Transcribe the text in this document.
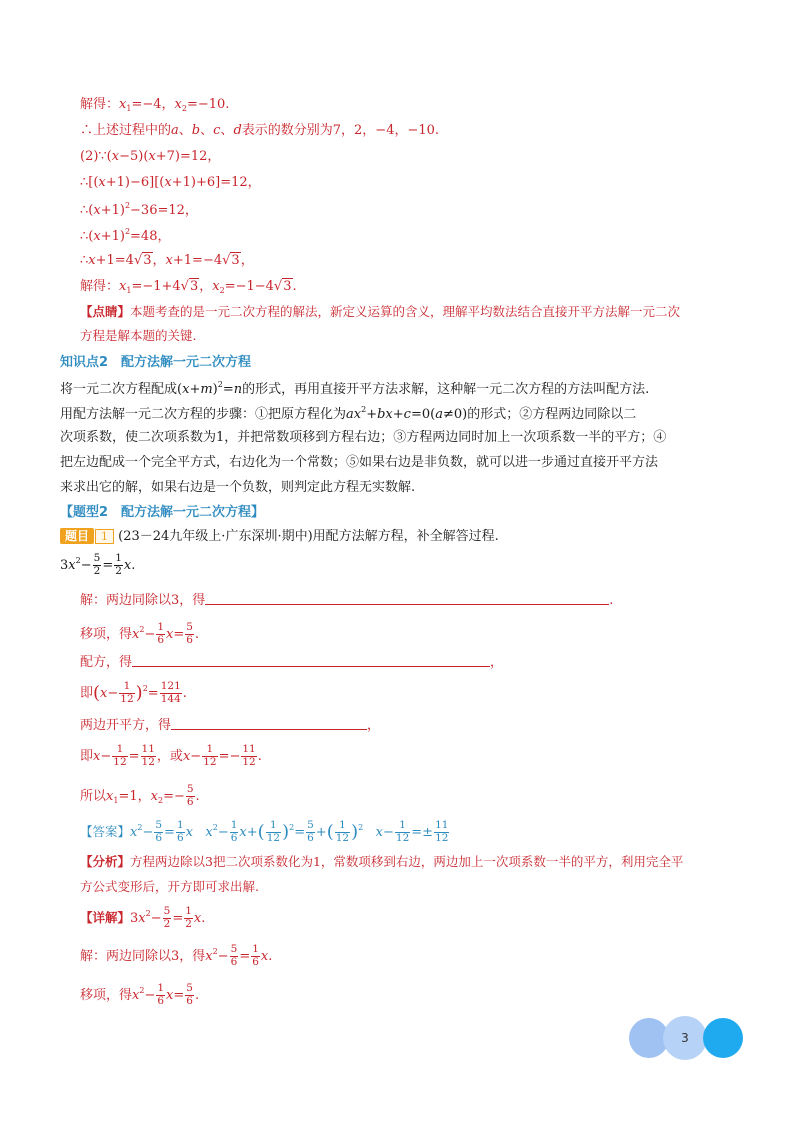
解得：$x_1=-4$，$x_2=-10$.
∴上述过程中的a、b、c、d表示的数分别为7，2，−4，−10.
(2)∵(x−5)(x+7)=12，
∴[(x+1)−6][(x+1)+6]=12，
$\therefore(x+1)^2-36=12$，
$\therefore(x+1)^2=48$，
∴x+1=4√3，x+1=−4√3，
解得：$x_1=-1+4√3$，$x_2=-1-4√3$.
【点睛】本题考查的是一元二次方程的解法，新定义运算的含义，理解平均数法结合直接开平方法解一元二次
方程是解本题的关键.
知识点2　配方法解一元二次方程
将一元二次方程配成$(x+m)^2=n$的形式，再用直接开平方法求解，这种解一元二次方程的方法叫配方法.
用配方法解一元二次方程的步骤：①把原方程化为$ax^2+bx+c=0(a\ne 0)$的形式；②方程两边同除以二
次项系数，使二次项系数为1，并把常数项移到方程右边；③方程两边同时加上一次项系数一半的平方；④
把左边配成一个完全平方式，右边化为一个常数；⑤如果右边是非负数，就可以进一步通过直接开平方法
来求出它的解，如果右边是一个负数，则判定此方程无实数解.
【题型2　配方法解一元二次方程】
题目 1 (23－24九年级上·广东深圳·期中)用配方法解方程，补全解答过程.
$3x^2- \frac{5}{2} = \frac{1}{2} x$.
解：两边同除以3，得	.
移项，得$x^2- \frac{1}{6} x= \frac{5}{6}$ .
配方，得	，
即$(x- \frac{1}{12} )^2= \frac{121}{144}$ .
两边开平方，得	，
即$x- \frac{1}{12} = \frac{11}{12}$ ，或$x- \frac{1}{12} =- \frac{11}{12}$ .
所以$x_1=1$，$x_2=- \frac{5}{6}$ .
【答案】$x^2- \frac{5}{6} = \frac{1}{6}$ x $x^2- \frac{1}{6} x+( \frac{1}{12} )^2= \frac{5}{6}$ +( $\frac{1}{12} )^2$ $x- \frac{1}{12} =\pm \frac{11}{12}$
【分析】方程两边除以3把二次项系数化为1，常数项移到右边，两边加上一次项系数一半的平方，利用完全平
方公式变形后，开方即可求出解.
【详解】$3x^2- \frac{5}{2} = \frac{1}{2} x$.
解：两边同除以3，得$x^2- \frac{5}{6} = \frac{1}{6} x$.
移项，得$x^2- \frac{1}{6} x= \frac{5}{6}$ .
3
